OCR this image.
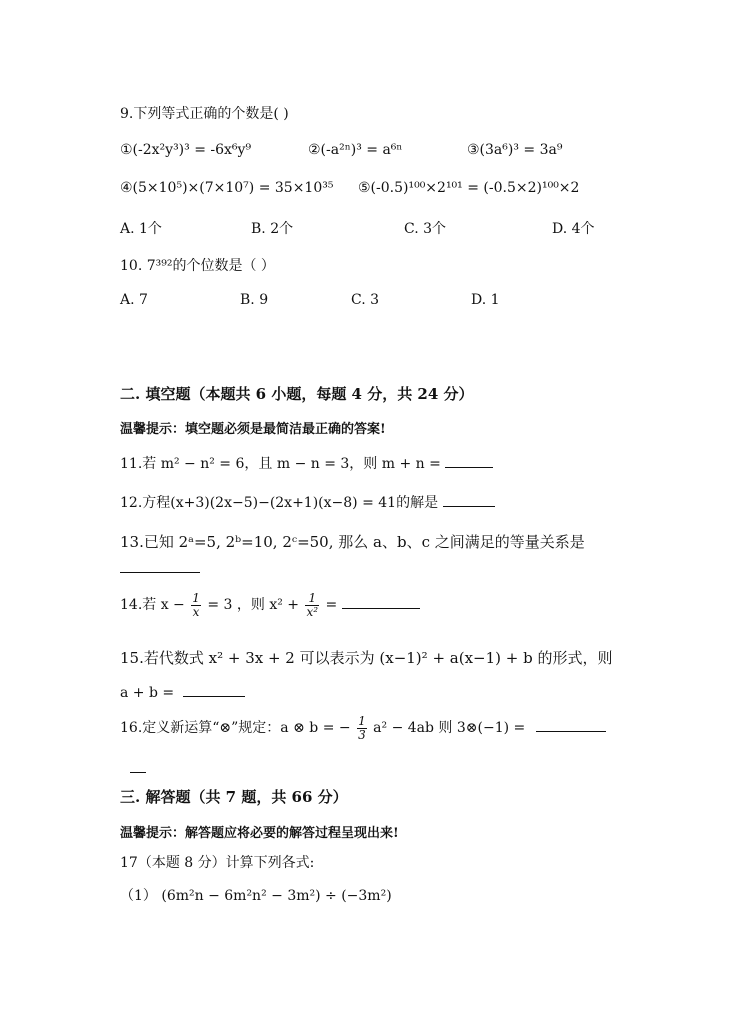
9.下列等式正确的个数是( )
①(-2x²y³)³ = -6x⁶y⁹	②(-a²ⁿ)³ = a⁶ⁿ	③(3a⁶)³ = 3a⁹
④(5×10⁵)×(7×10⁷) = 35×10³⁵ ⑤(-0.5)¹⁰⁰×2¹⁰¹ = (-0.5×2)¹⁰⁰×2
A. 1个	B. 2个	C. 3个	D. 4个
10. 7³⁹²的个位数是（ ）
A. 7	B. 9	C. 3	D. 1
二. 填空题（本题共 6 小题，每题 4 分，共 24 分）
温馨提示：填空题必须是最简洁最正确的答案!
11.若 m² − n² = 6，且 m − n = 3，则 m + n =
12.方程(x+3)(2x−5)−(2x+1)(x−8) = 41的解是
13.已知 2ᵃ=5, 2ᵇ=10, 2ᶜ=50, 那么 a、b、c 之间满足的等量关系是
14.若 $x - \frac{1}{x} = 3$ ，则 $x^2 + \frac{1}{\text{x²}}$ =
15.若代数式 x² + 3x + 2 可以表示为 (x−1)² + a(x−1) + b 的形式，则
a + b =
16.定义新运算“⊗”规定：a ⊗ b = − $\frac{1}{3} a^2 - 4ab$ 则 3⊗(−1) =
三. 解答题（共 7 题，共 66 分）
温馨提示：解答题应将必要的解答过程呈现出来!
17（本题 8 分）计算下列各式:
（1） (6m²n − 6m²n² − 3m²) ÷ (−3m²)
